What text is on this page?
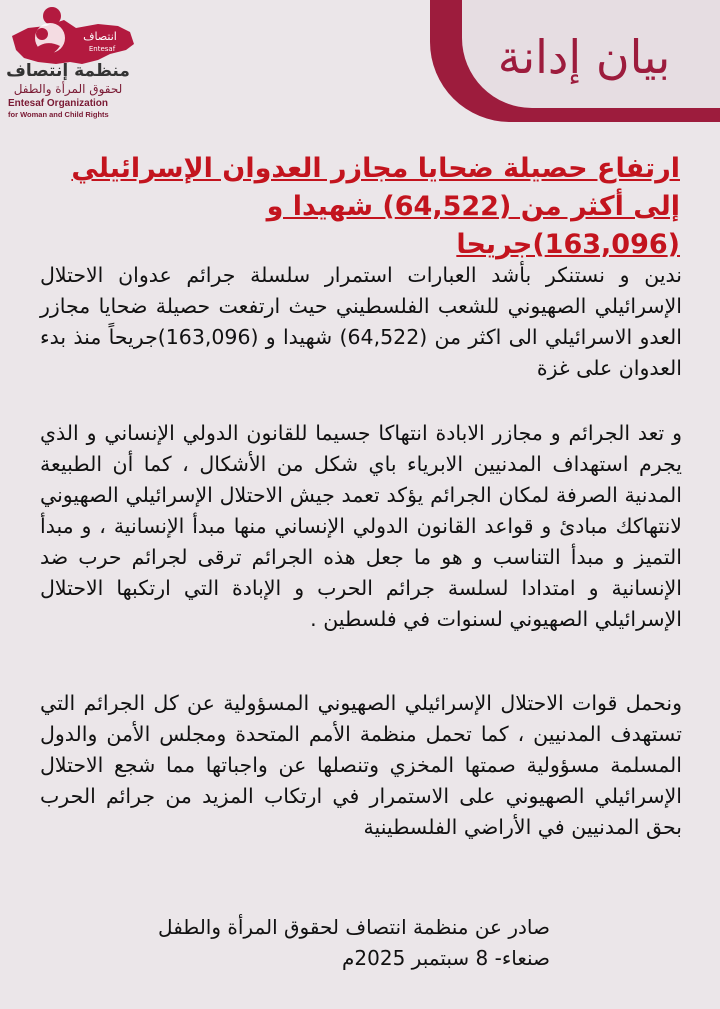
بيان إدانة
انتصاف
Entesaf
منظمة إنتصاف
لحقوق المرأة والطفل
Entesaf Organization
for Woman and Child Rights
ارتفاع حصيلة ضحايا مجازر العدوان الإسرائيلي إلى أكثر من (64,522) شهيدا و (163,096)جريحا

ندين و نستنكر بأشد العبارات استمرار سلسلة جرائم عدوان الاحتلال الإسرائيلي الصهيوني للشعب الفلسطيني حيث ارتفعت حصيلة ضحايا مجازر العدو الاسرائيلي الى اكثر من (64,522) شهيدا و (163,096)جريحاً منذ بدء العدوان على غزة

و تعد الجرائم و مجازر الابادة انتهاكا جسيما للقانون الدولي الإنساني و الذي يجرم استهداف المدنيين الابرياء باي شكل من الأشكال ، كما أن الطبيعة المدنية الصرفة لمكان الجرائم يؤكد تعمد جيش الاحتلال الإسرائيلي الصهيوني لانتهاكك مبادئ و قواعد القانون الدولي الإنساني منها مبدأ الإنسانية ، و مبدأ التميز و مبدأ التناسب و هو ما جعل هذه الجرائم ترقى لجرائم حرب ضد الإنسانية و امتدادا لسلسة جرائم الحرب و الإبادة التي ارتكبها الاحتلال الإسرائيلي الصهيوني لسنوات في فلسطين .

ونحمل قوات الاحتلال الإسرائيلي الصهيوني المسؤولية عن كل الجرائم التي تستهدف المدنيين ، كما تحمل منظمة الأمم المتحدة ومجلس الأمن والدول المسلمة مسؤولية صمتها المخزي وتنصلها عن واجباتها مما شجع الاحتلال الإسرائيلي الصهيوني على الاستمرار في ارتكاب المزيد من جرائم الحرب بحق المدنيين في الأراضي الفلسطينية

صادر عن منظمة انتصاف لحقوق المرأة والطفل
صنعاء- 8 سبتمبر 2025م
